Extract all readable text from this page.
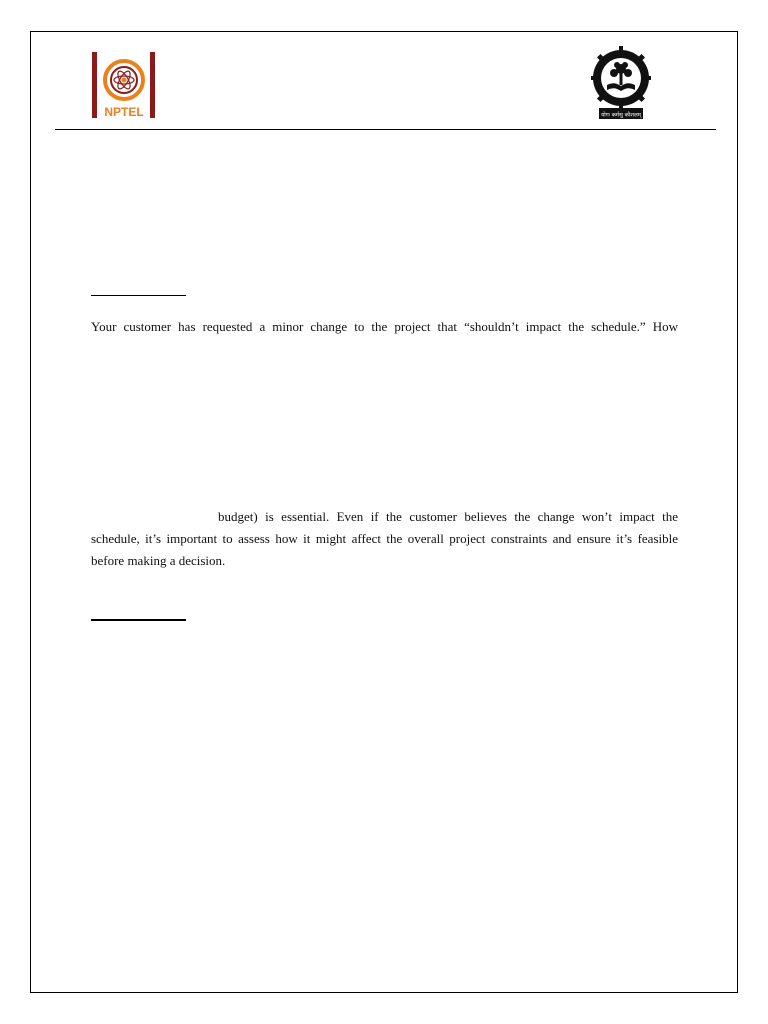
NPTEL	योगः कर्मसु कौशलम्

Your customer has requested a minor change to the project that “shouldn’t impact the schedule.” How

budget) is essential. Even if the customer believes the change won’t impact the schedule, it’s important to assess how it might affect the overall project constraints and ensure it’s feasible before making a decision.
